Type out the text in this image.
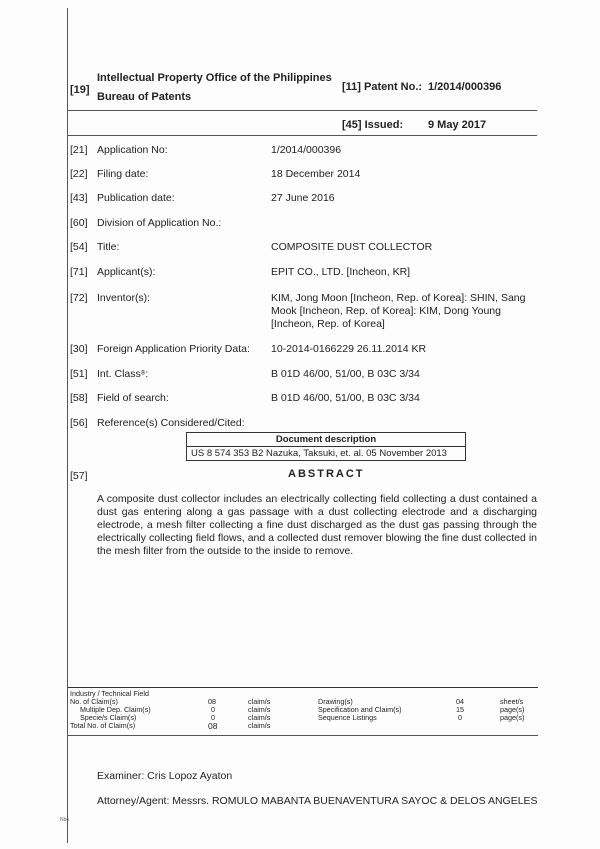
[19]
Intellectual Property Office of the Philippines
Bureau of Patents
[11] Patent No.: 1/2014/000396
[45] Issued: 9 May 2017
[21] Application No:	1/2014/000396
[22] Filing date:	18 December 2014
[43] Publication date:	27 June 2016
[60] Division of Application No.:
[54] Title:	COMPOSITE DUST COLLECTOR
[71] Applicant(s):	EPIT CO., LTD. [Incheon, KR]
[72] Inventor(s):	KIM, Jong Moon [Incheon, Rep. of Korea]: SHIN, Sang
Mook [Incheon, Rep. of Korea]: KIM, Dong Young
[Incheon, Rep. of Korea]
[30] Foreign Application Priority Data: 10-2014-0166229 26.11.2014 KR
[51] Int. Class⁸:	B 01D 46/00, 51/00, B 03C 3/34
[58] Field of search:	B 01D 46/00, 51/00, B 03C 3/34
[56] Reference(s) Considered/Cited:
Document description
US 8 574 353 B2 Nazuka, Taksuki, et. al. 05 November 2013
[57]	ABSTRACT
A composite dust collector includes an electrically collecting field collecting a dust contained a dust gas entering along a gas passage with a dust collecting electrode and a discharging electrode, a mesh filter collecting a fine dust discharged as the dust gas passing through the electrically collecting field flows, and a collected dust remover blowing the fine dust collected in the mesh filter from the outside to the inside to remove.
Industry / Technical Field
No. of Claim(s)	08	claim/s
Multiple Dep. Claim(s)	0	claim/s
Specie/s Claim(s)	0	claim/s
Total No. of Claim(s)	08	claim/s
Drawing(s)	04	sheet/s
Specification and Claim(s)	15	page(s)
Sequence Listings	0	page(s)
Examiner: Cris Lopoz Ayaton
Attorney/Agent: Messrs. ROMULO MABANTA BUENAVENTURA SAYOC & DELOS ANGELES
Nbo
